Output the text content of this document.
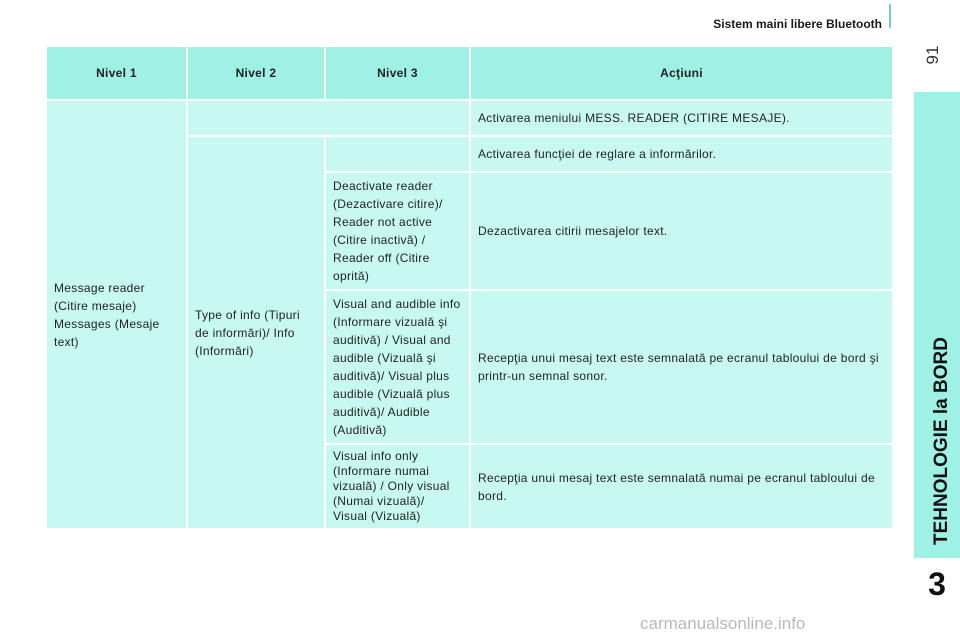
Sistem maini libere Bluetooth
91
TEHNOLOGIE la BORD
3
Nivel 1	Nivel 2	Nivel 3	Acţiuni
Message reader (Citire mesaje) Messages (Mesaje text)			Activarea meniului MESS. READER (CITIRE MESAJE).
	Type of info (Tipuri de informări)/ Info (Informări)		Activarea funcţiei de reglare a informărilor.
		Deactivate reader (Dezactivare citire)/ Reader not active (Citire inactivă) / Reader off (Citire oprită)	Dezactivarea citirii mesajelor text.
		Visual and audible info (Informare vizuală şi auditivă) / Visual and audible (Vizuală şi auditivă)/ Visual plus audible (Vizuală plus auditivă)/ Audible (Auditivă)	Recepţia unui mesaj text este semnalată pe ecranul tabloului de bord şi printr-un semnal sonor.
		Visual info only (Informare numai vizuală) / Only visual (Numai vizuală)/ Visual (Vizuală)	Recepţia unui mesaj text este semnalată numai pe ecranul tabloului de bord.
carmanualsonline.info
